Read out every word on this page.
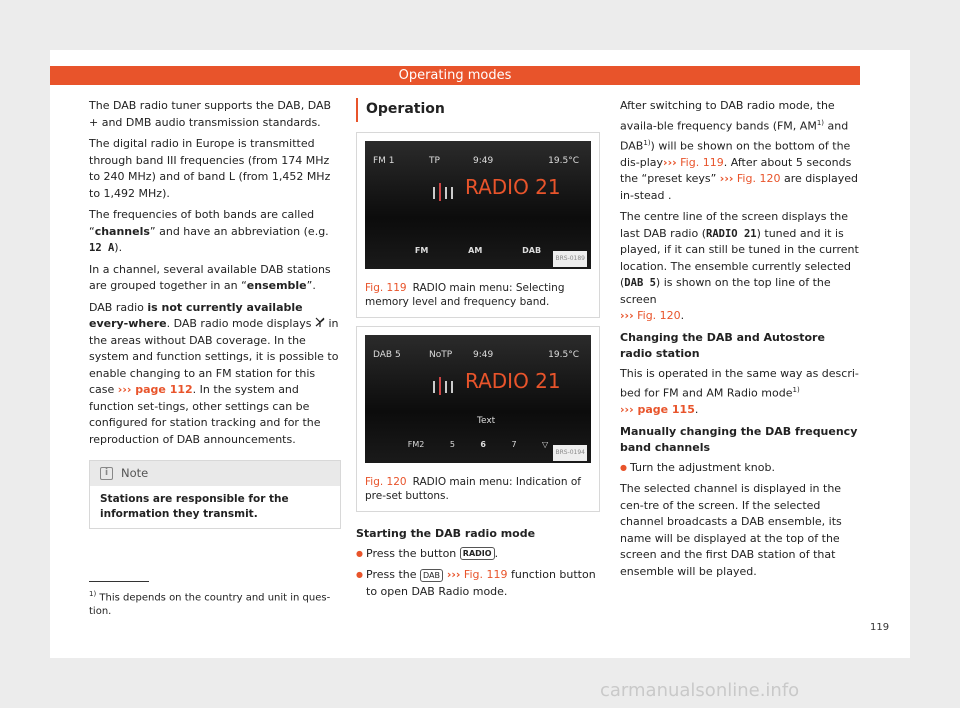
Operating modes

The DAB radio tuner supports the DAB, DAB + and DMB audio transmission standards.

The digital radio in Europe is transmitted through band III frequencies (from 174 MHz to 240 MHz) and of band L (from 1,452 MHz to 1,492 MHz).

The frequencies of both bands are called “channels” and have an abbreviation (e.g. 12 A).

In a channel, several available DAB stations are grouped together in an “ensemble”.

DAB radio is not currently available every-where. DAB radio mode displays  in the areas without DAB coverage. In the system and function settings, it is possible to enable changing to an FM station for this case ››› page 112. In the system and function set-tings, other settings can be configured for station tracking and for the reproduction of DAB announcements.

i	Note
Stations are responsible for the information they transmit.
Operation
FM 1	TP	9:49	19.5°C
RADIO 21
FM	AM	DAB
BRS-0189
Fig. 119 RADIO main menu: Selecting memory level and frequency band.
DAB 5	NoTP 9:49	19.5°C
RADIO 21
Text
FM2	5	6	7	▽
BRS-0194
Fig. 120 RADIO main menu: Indication of pre-set buttons.
Starting the DAB radio mode

● Press the button RADIO .

● Press the DAB ››› Fig. 119 function button to open DAB Radio mode.

After switching to DAB radio mode, the availa-ble frequency bands (FM, AM$^{1)}$ and DAB$^{1)}$) will be shown on the bottom of the dis-play››› Fig. 119. After about 5 seconds the “preset keys” ››› Fig. 120 are displayed in-stead .

The centre line of the screen displays the last DAB radio (RADIO 21) tuned and it is played, if it can still be tuned in the current location. The ensemble currently selected (DAB 5) is shown on the top line of the screen
››› Fig. 120.

Changing the DAB and Autostore radio station

This is operated in the same way as descri-bed for FM and AM Radio mode$^{1)}$
››› page 115.

Manually changing the DAB frequency band channels

● Turn the adjustment knob.

The selected channel is displayed in the cen-tre of the screen. If the selected channel broadcasts a DAB ensemble, its name will be displayed at the top of the screen and the first DAB station of that ensemble will be played.

$^{1)}$ This depends on the country and unit in ques-tion.
119
carmanualsonline.info
